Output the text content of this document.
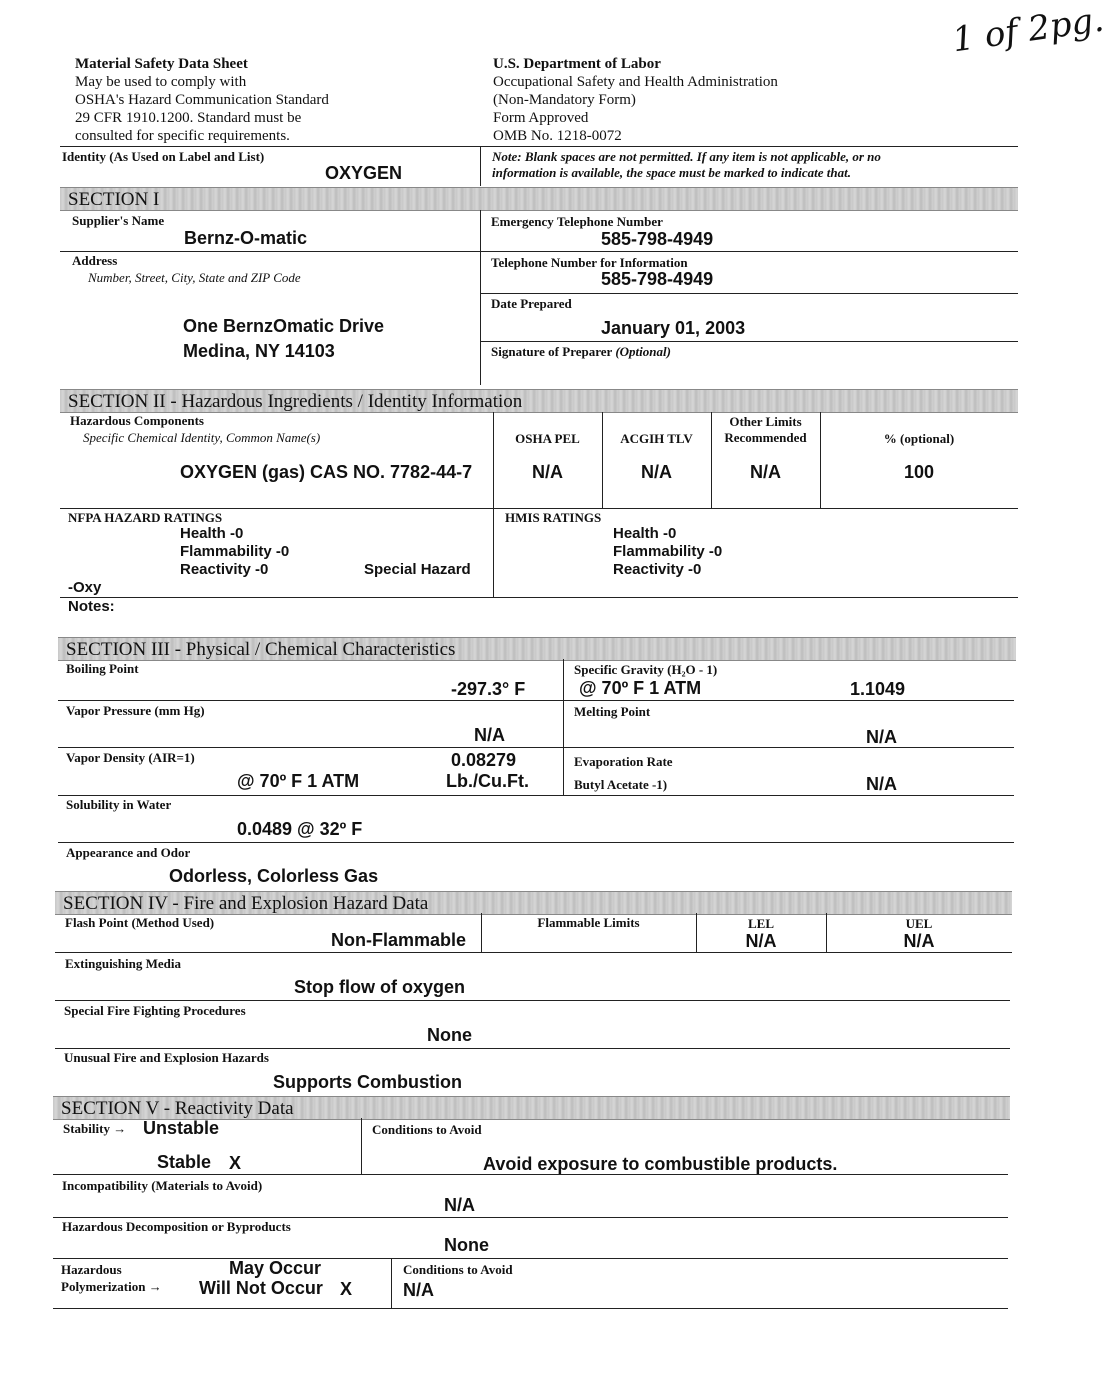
1 of 2pg.
Material Safety Data Sheet
May be used to comply with
OSHA's Hazard Communication Standard
29 CFR 1910.1200. Standard must be
consulted for specific requirements.
U.S. Department of Labor
Occupational Safety and Health Administration
(Non-Mandatory Form)
Form Approved
OMB No. 1218-0072
Identity (As Used on Label and List)
OXYGEN
Note: Blank spaces are not permitted. If any item is not applicable, or no
information is available, the space must be marked to indicate that.
SECTION I
Supplier's Name
Bernz-O-matic
Emergency Telephone Number
585-798-4949
Address
Number, Street, City, State and ZIP Code
One BernzOmatic Drive
Medina, NY 14103
Telephone Number for Information
585-798-4949
Date Prepared
January 01, 2003
Signature of Preparer (Optional)
SECTION II - Hazardous Ingredients / Identity Information
Hazardous Components
Specific Chemical Identity, Common Name(s)	OSHA PEL	ACGIH TLV
Other Limits
Recommended	% (optional)
OXYGEN (gas) CAS NO. 7782-44-7	N/A	N/A	N/A	100
NFPA HAZARD RATINGS
Health -0
Flammability -0
Reactivity -0	Special Hazard
-Oxy
HMIS RATINGS
Health -0
Flammability -0
Reactivity -0
Notes:
SECTION III - Physical / Chemical Characteristics
Boiling Point
-297.3° F
Specific Gravity (H₂O - 1)
@ 70º F 1 ATM	1.1049
Vapor Pressure (mm Hg)
N/A
Melting Point
N/A
Vapor Density (AIR=1)
@ 70º F 1 ATM
0.08279
Lb./Cu.Ft.
Evaporation Rate
Butyl Acetate -1)	N/A
Solubility in Water
0.0489 @ 32º F
Appearance and Odor
Odorless, Colorless Gas
SECTION IV - Fire and Explosion Hazard Data
Flash Point (Method Used)
Non-Flammable
Flammable Limits	LEL
N/A
UEL
N/A
Extinguishing Media
Stop flow of oxygen
Special Fire Fighting Procedures
None
Unusual Fire and Explosion Hazards
Supports Combustion
SECTION V - Reactivity Data
Stability → Unstable
Stable X
Conditions to Avoid
Avoid exposure to combustible products.
Incompatibility (Materials to Avoid)
N/A
Hazardous Decomposition or Byproducts
None
Hazardous
Polymerization →
May Occur
Will Not Occur X
Conditions to Avoid
N/A
